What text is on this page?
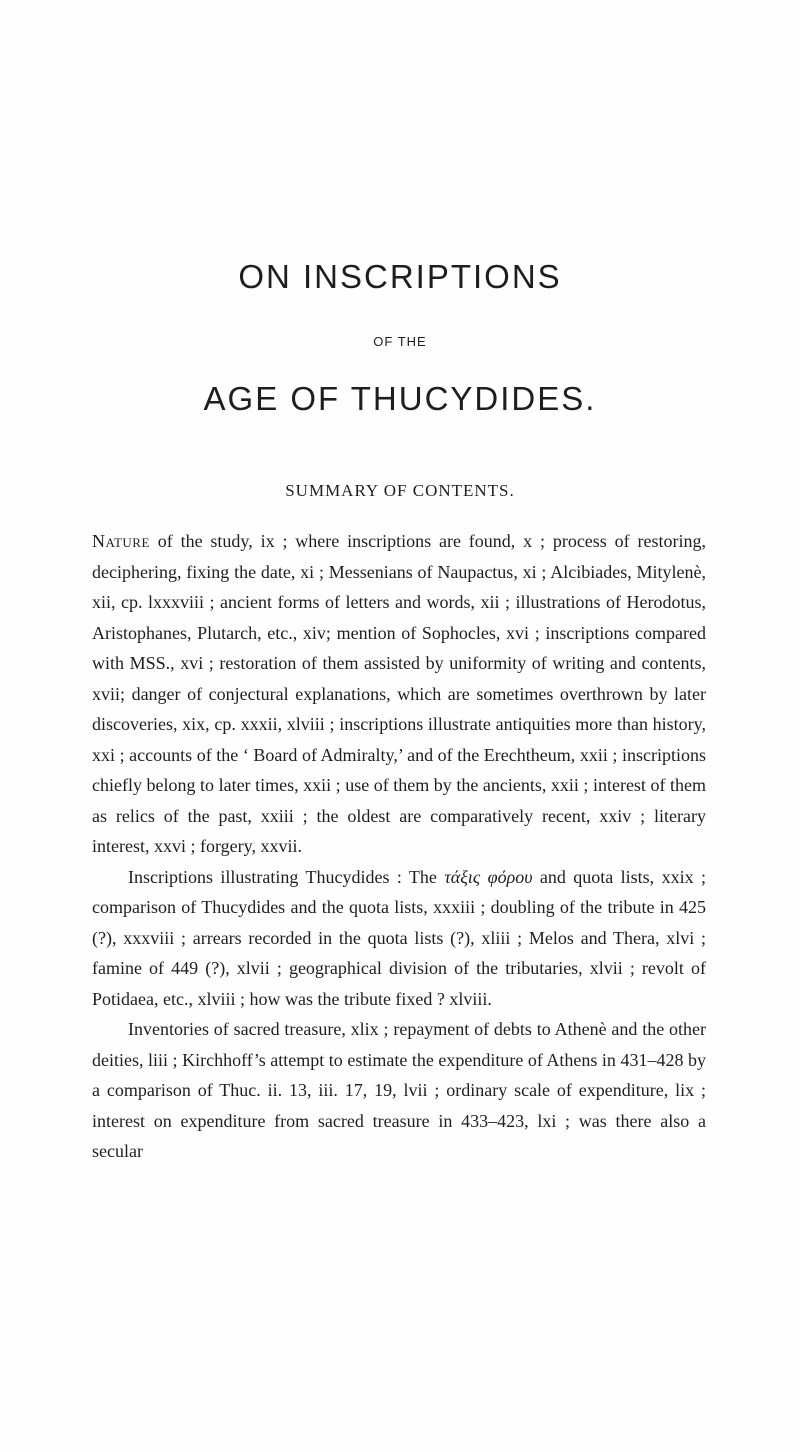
ON INSCRIPTIONS
OF THE
AGE OF THUCYDIDES.
SUMMARY OF CONTENTS.

Nature of the study, ix ; where inscriptions are found, x ; process of restoring, deciphering, fixing the date, xi ; Messenians of Naupactus, xi ; Alcibiades, Mitylenè, xii, cp. lxxxviii ; ancient forms of letters and words, xii ; illustrations of Herodotus, Aristophanes, Plutarch, etc., xiv; mention of Sophocles, xvi ; inscriptions compared with MSS., xvi ; restoration of them assisted by uniformity of writing and contents, xvii; danger of conjectural explanations, which are sometimes overthrown by later discoveries, xix, cp. xxxii, xlviii ; inscriptions illustrate antiquities more than history, xxi ; accounts of the ‘ Board of Admiralty,’ and of the Erechtheum, xxii ; inscriptions chiefly belong to later times, xxii ; use of them by the ancients, xxii ; interest of them as relics of the past, xxiii ; the oldest are comparatively recent, xxiv ; literary interest, xxvi ; forgery, xxvii.

Inscriptions illustrating Thucydides : The τάξις φόρου and quota lists, xxix ; comparison of Thucydides and the quota lists, xxxiii ; doubling of the tribute in 425 (?), xxxviii ; arrears recorded in the quota lists (?), xliii ; Melos and Thera, xlvi ; famine of 449 (?), xlvii ; geographical division of the tributaries, xlvii ; revolt of Potidaea, etc., xlviii ; how was the tribute fixed ? xlviii.

Inventories of sacred treasure, xlix ; repayment of debts to Athenè and the other deities, liii ; Kirchhoff’s attempt to estimate the expenditure of Athens in 431–428 by a comparison of Thuc. ii. 13, iii. 17, 19, lvii ; ordinary scale of expenditure, lix ; interest on expenditure from sacred treasure in 433–423, lxi ; was there also a secular
